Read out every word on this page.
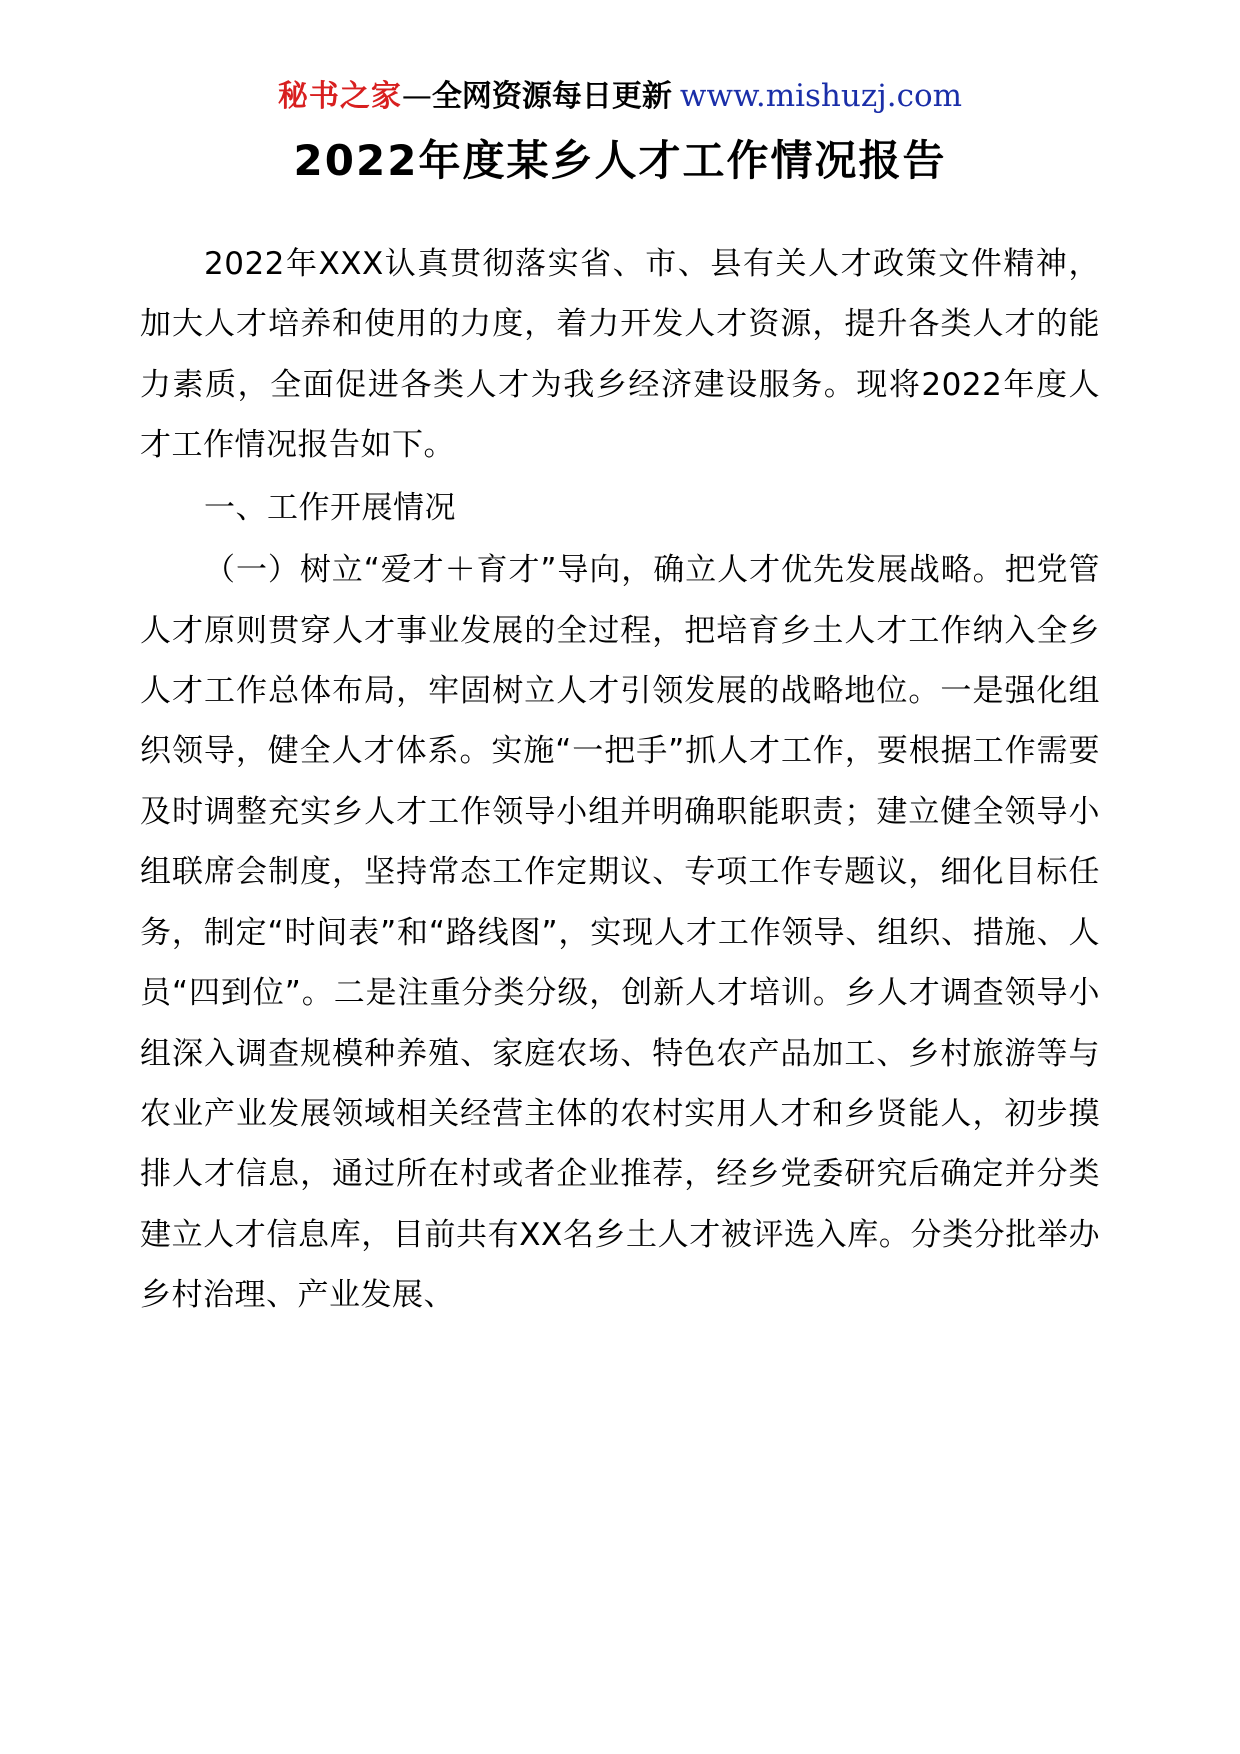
秘书之家 — 全网资源每日更新 www.mishuzj.com
2022年度某乡人才工作情况报告

2022年XXX认真贯彻落实省、市、县有关人才政策文件精神，加大人才培养和使用的力度，着力开发人才资源，提升各类人才的能力素质，全面促进各类人才为我乡经济建设服务。现将2022年度人才工作情况报告如下。

一、工作开展情况

（一）树立“爱才＋育才”导向，确立人才优先发展战略。把党管人才原则贯穿人才事业发展的全过程，把培育乡土人才工作纳入全乡人才工作总体布局，牢固树立人才引领发展的战略地位。一是强化组织领导，健全人才体系。实施“一把手”抓人才工作，要根据工作需要及时调整充实乡人才工作领导小组并明确职能职责；建立健全领导小组联席会制度，坚持常态工作定期议、专项工作专题议，细化目标任务，制定“时间表”和“路线图”，实现人才工作领导、组织、措施、人员“四到位”。二是注重分类分级，创新人才培训。乡人才调查领导小组深入调查规模种养殖、家庭农场、特色农产品加工、乡村旅游等与农业产业发展领域相关经营主体的农村实用人才和乡贤能人，初步摸排人才信息，通过所在村或者企业推荐，经乡党委研究后确定并分类建立人才信息库，目前共有XX名乡土人才被评选入库。分类分批举办乡村治理、产业发展、
